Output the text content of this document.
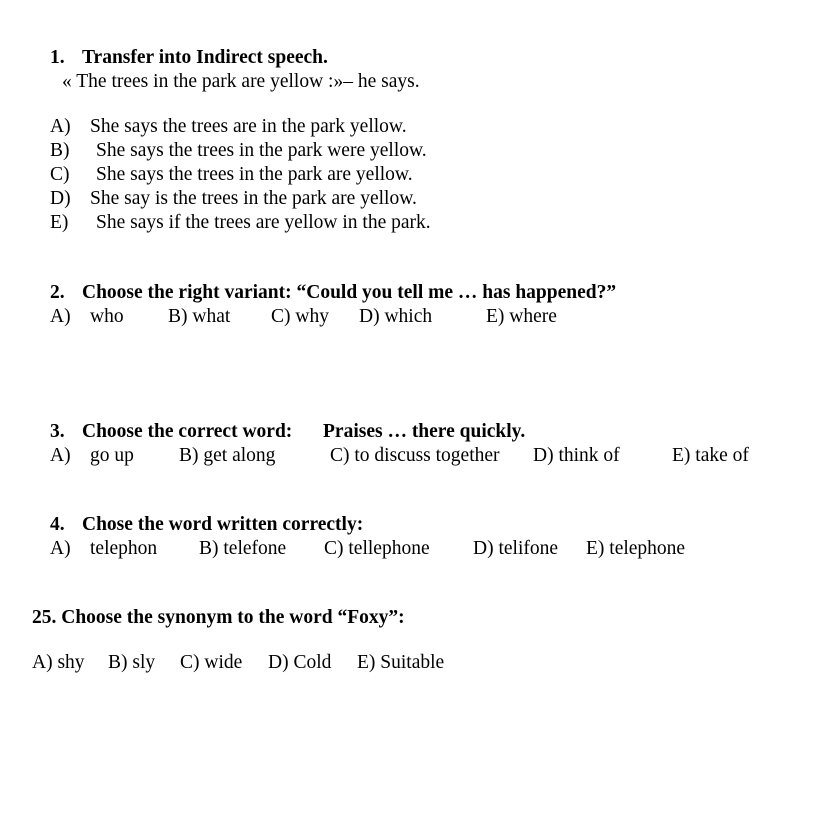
1. Transfer into Indirect speech.
« The trees in the park are yellow :»– he says.
A) She says the trees are in the park yellow.
B) She says the trees in the park were yellow.
C) She says the trees in the park are yellow.
D) She say is the trees in the park are yellow.
E) She says if the trees are yellow in the park.
2. Choose the right variant: “Could you tell me … has happened?”
A) who B) what C) why D) which	E) where
3. Choose the correct word: Praises … there quickly.
A) go up B) get along	C) to discuss together D) think of	E) take of
4. Chose the word written correctly:
A) telephon B) telefone C) tellephone D) telifone E) telephone
25. Choose the synonym to the word “Foxy”:
A) shy B) sly C) wide D) Cold E) Suitable
